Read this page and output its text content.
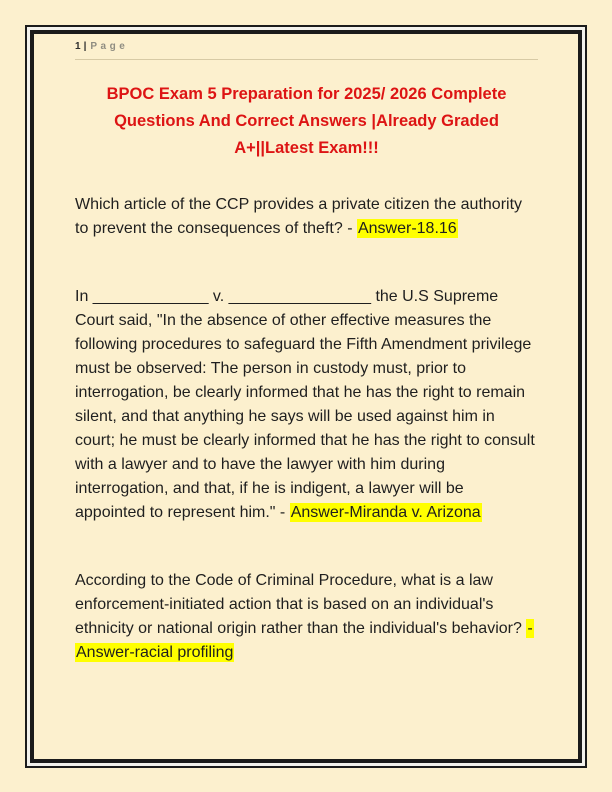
1 | Page
BPOC Exam 5 Preparation for 2025/ 2026 Complete
Questions And Correct Answers |Already Graded
A+||Latest Exam!!!

Which article of the CCP provides a private citizen the authority to prevent the consequences of theft? - Answer-18.16

In _____________ v. ________________ the U.S Supreme Court said, "In the absence of other effective measures the following procedures to safeguard the Fifth Amendment privilege must be observed: The person in custody must, prior to interrogation, be clearly informed that he has the right to remain silent, and that anything he says will be used against him in court; he must be clearly informed that he has the right to consult with a lawyer and to have the lawyer with him during interrogation, and that, if he is indigent, a lawyer will be appointed to represent him." - Answer-Miranda v. Arizona

According to the Code of Criminal Procedure, what is a law enforcement-initiated action that is based on an individual's ethnicity or national origin rather than the individual's behavior? - Answer-racial profiling
